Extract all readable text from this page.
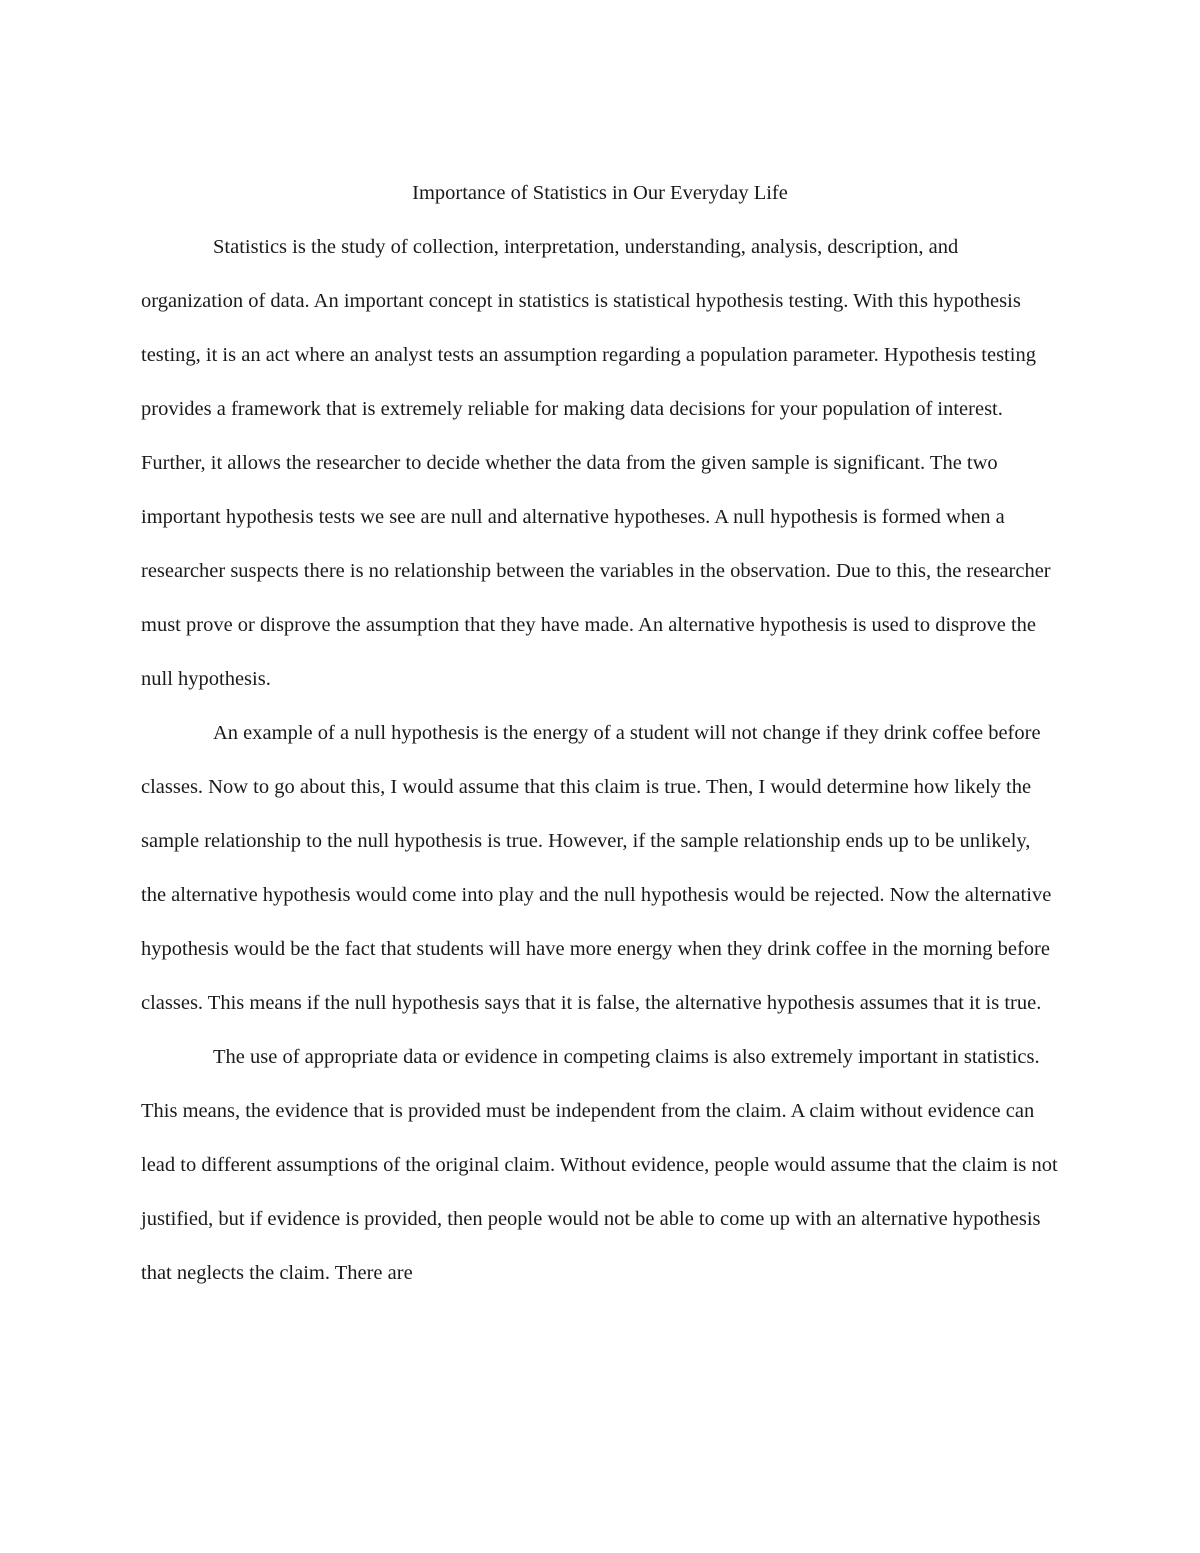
Importance of Statistics in Our Everyday Life

Statistics is the study of collection, interpretation, understanding, analysis, description, and organization of data. An important concept in statistics is statistical hypothesis testing. With this hypothesis testing, it is an act where an analyst tests an assumption regarding a population parameter. Hypothesis testing provides a framework that is extremely reliable for making data decisions for your population of interest. Further, it allows the researcher to decide whether the data from the given sample is significant. The two important hypothesis tests we see are null and alternative hypotheses. A null hypothesis is formed when a researcher suspects there is no relationship between the variables in the observation. Due to this, the researcher must prove or disprove the assumption that they have made. An alternative hypothesis is used to disprove the null hypothesis.

An example of a null hypothesis is the energy of a student will not change if they drink coffee before classes. Now to go about this, I would assume that this claim is true. Then, I would determine how likely the sample relationship to the null hypothesis is true. However, if the sample relationship ends up to be unlikely, the alternative hypothesis would come into play and the null hypothesis would be rejected. Now the alternative hypothesis would be the fact that students will have more energy when they drink coffee in the morning before classes. This means if the null hypothesis says that it is false, the alternative hypothesis assumes that it is true.

The use of appropriate data or evidence in competing claims is also extremely important in statistics. This means, the evidence that is provided must be independent from the claim. A claim without evidence can lead to different assumptions of the original claim. Without evidence, people would assume that the claim is not justified, but if evidence is provided, then people would not be able to come up with an alternative hypothesis that neglects the claim. There are
